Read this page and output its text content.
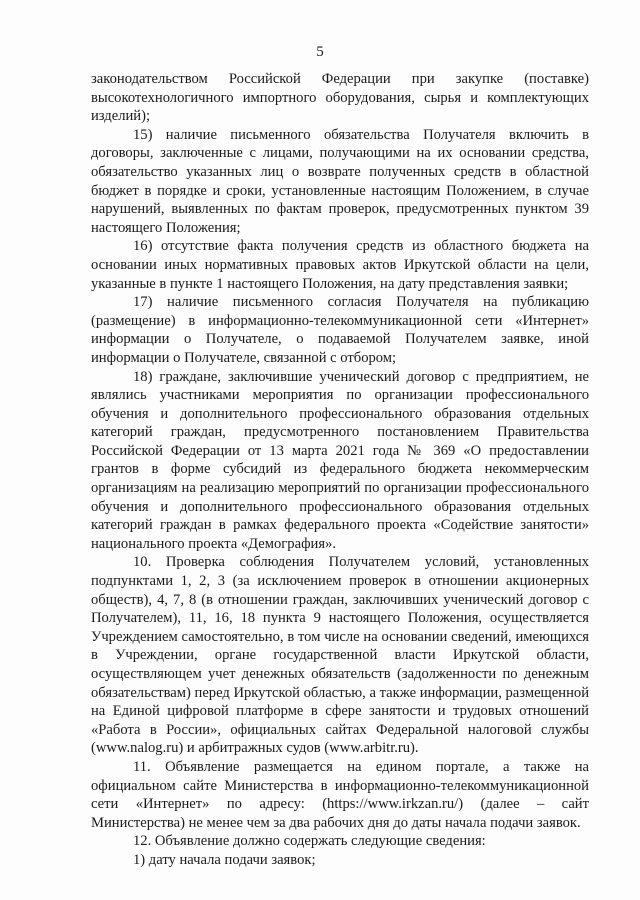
5

законодательством Российской Федерации при закупке (поставке) высокотехнологичного импортного оборудования, сырья и комплектующих изделий);

15) наличие письменного обязательства Получателя включить в договоры, заключенные с лицами, получающими на их основании средства, обязательство указанных лиц о возврате полученных средств в областной бюджет в порядке и сроки, установленные настоящим Положением, в случае нарушений, выявленных по фактам проверок, предусмотренных пунктом 39 настоящего Положения;

16) отсутствие факта получения средств из областного бюджета на основании иных нормативных правовых актов Иркутской области на цели, указанные в пункте 1 настоящего Положения, на дату представления заявки;

17) наличие письменного согласия Получателя на публикацию (размещение) в информационно-телекоммуникационной сети «Интернет» информации о Получателе, о подаваемой Получателем заявке, иной информации о Получателе, связанной с отбором;

18) граждане, заключившие ученический договор с предприятием, не являлись участниками мероприятия по организации профессионального обучения и дополнительного профессионального образования отдельных категорий граждан, предусмотренного постановлением Правительства Российской Федерации от 13 марта 2021 года № 369 «О предоставлении грантов в форме субсидий из федерального бюджета некоммерческим организациям на реализацию мероприятий по организации профессионального обучения и дополнительного профессионального образования отдельных категорий граждан в рамках федерального проекта «Содействие занятости» национального проекта «Демография».

10. Проверка соблюдения Получателем условий, установленных подпунктами 1, 2, 3 (за исключением проверок в отношении акционерных обществ), 4, 7, 8 (в отношении граждан, заключивших ученический договор с Получателем), 11, 16, 18 пункта 9 настоящего Положения, осуществляется Учреждением самостоятельно, в том числе на основании сведений, имеющихся в Учреждении, органе государственной власти Иркутской области, осуществляющем учет денежных обязательств (задолженности по денежным обязательствам) перед Иркутской областью, а также информации, размещенной на Единой цифровой платформе в сфере занятости и трудовых отношений «Работа в России», официальных сайтах Федеральной налоговой службы (www.nalog.ru) и арбитражных судов (www.arbitr.ru).

11. Объявление размещается на едином портале, а также на официальном сайте Министерства в информационно-телекоммуникационной сети «Интернет» по адресу: (https://www.irkzan.ru/) (далее – сайт Министерства) не менее чем за два рабочих дня до даты начала подачи заявок.

12. Объявление должно содержать следующие сведения:

1) дату начала подачи заявок;
